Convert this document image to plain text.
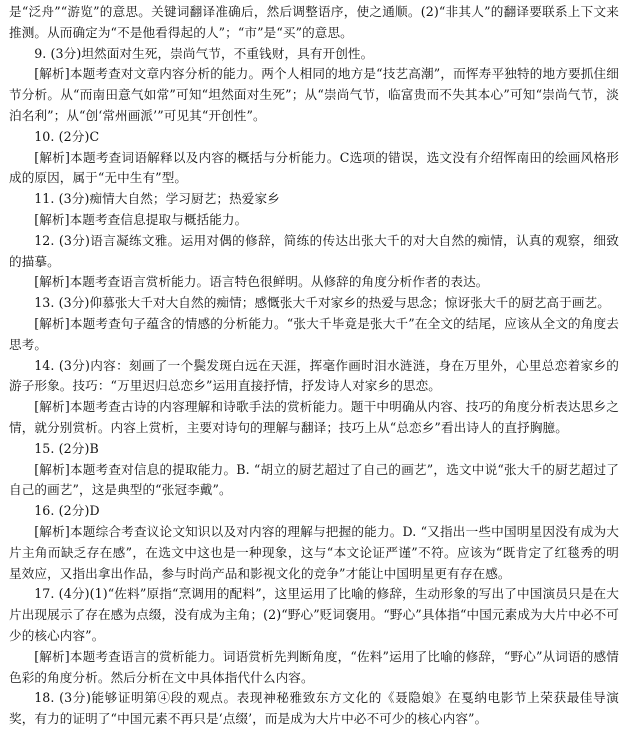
是“泛舟”“游览”的意思。关键词翻译准确后，然后调整语序，使之通顺。(2)“非其人”的翻译要联系上下文来推测。从而确定为“不是他看得起的人”；“市”是“买”的意思。

9. (3分)坦然面对生死，崇尚气节，不重钱财，具有开创性。

[解析]本题考查对文章内容分析的能力。两个人相同的地方是“技艺高潮”，而恽寿平独特的地方要抓住细节分析。从“而南田意气如常”可知“坦然面对生死”；从“崇尚气节，临富贵而不失其本心”可知“崇尚气节，淡泊名利”；从“创‘常州画派’”可见其“开创性”。

10. (2分)C

[解析]本题考查词语解释以及内容的概括与分析能力。C选项的错误，选文没有介绍恽南田的绘画风格形成的原因，属于“无中生有”型。

11. (3分)痴情大自然；学习厨艺；热爱家乡

[解析]本题考查信息提取与概括能力。

12. (3分)语言凝练文雅。运用对偶的修辞，简练的传达出张大千的对大自然的痴情，认真的观察，细致的描摹。

[解析]本题考查语言赏析能力。语言特色很鲜明。从修辞的角度分析作者的表达。

13. (3分)仰慕张大千对大自然的痴情；感慨张大千对家乡的热爱与思念；惊讶张大千的厨艺高于画艺。

[解析]本题考查句子蕴含的情感的分析能力。“张大千毕竟是张大千”在全文的结尾，应该从全文的角度去思考。

14. (3分)内容：刻画了一个鬓发斑白远在天涯，挥毫作画时泪水涟涟，身在万里外，心里总恋着家乡的游子形象。技巧：“万里迟归总恋乡”运用直接抒情，抒发诗人对家乡的思恋。

[解析]本题考查古诗的内容理解和诗歌手法的赏析能力。题干中明确从内容、技巧的角度分析表达思乡之情，就分别赏析。内容上赏析，主要对诗句的理解与翻译；技巧上从“总恋乡”看出诗人的直抒胸臆。

15. (2分)B

[解析]本题考查对信息的提取能力。B. “胡立的厨艺超过了自己的画艺”，选文中说“张大千的厨艺超过了自己的画艺”，这是典型的“张冠李戴”。

16. (2分)D

[解析]本题综合考查议论文知识以及对内容的理解与把握的能力。D. “又指出一些中国明星因没有成为大片主角而缺乏存在感”，在选文中这也是一种现象，这与“本文论证严谨”不符。应该为“既肯定了红毯秀的明星效应，又指出拿出作品，参与时尚产品和影视文化的竞争”才能让中国明星更有存在感。

17. (4分)(1)“佐料”原指“烹调用的配料”，这里运用了比喻的修辞，生动形象的写出了中国演员只是在大片出现展示了存在感为点缀，没有成为主角；(2)“野心”贬词褒用。“野心”具体指“中国元素成为大片中必不可少的核心内容”。

[解析]本题考查语言的赏析能力。词语赏析先判断角度，“佐料”运用了比喻的修辞，“野心”从词语的感情色彩的角度分析。然后分析在文中具体指代什么内容。

18. (3分)能够证明第④段的观点。表现神秘雅致东方文化的《聂隐娘》在戛纳电影节上荣获最佳导演奖，有力的证明了“中国元素不再只是‘点缀’，而是成为大片中必不可少的核心内容”。
